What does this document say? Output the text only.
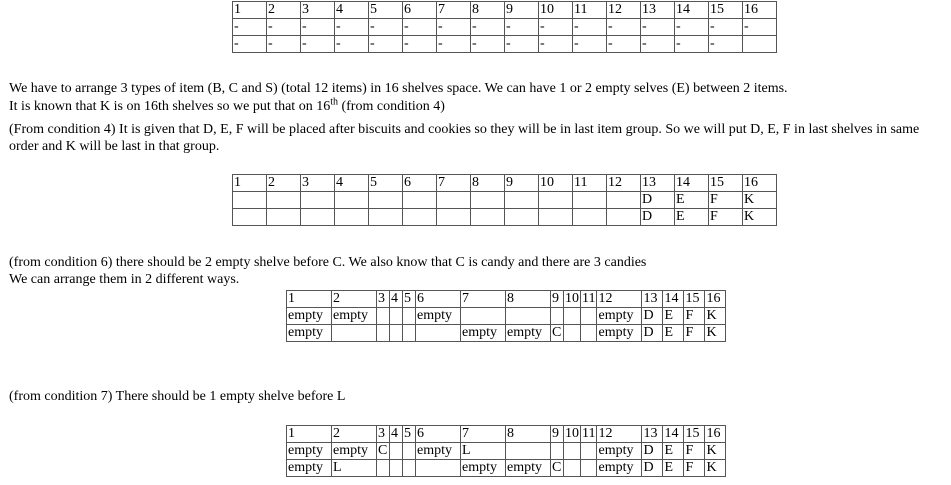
1	2	3	4	5	6	7	8	9	10	11	12	13	14	15	16
-	-	-	-	-	-	-	-	-	-	-	-	-	-	-	-
-	-	-	-	-	-	-	-	-	-	-	-	-	-	-	

We have to arrange 3 types of item (B, C and S) (total 12 items) in 16 shelves space. We can have 1 or 2 empty selves (E) between 2 items.

It is known that K is on 16th shelves so we put that on 16th (from condition 4)

(From condition 4) It is given that D, E, F will be placed after biscuits and cookies so they will be in last item group. So we will put D, E, F in last shelves in same order and K will be last in that group.

1	2	3	4	5	6	7	8	9	10	11	12	13	14	15	16
												D	E	F	K
												D	E	F	K

(from condition 6) there should be 2 empty shelve before C. We also know that C is candy and there are 3 candies

We can arrange them in 2 different ways.

1	2	3	4	5	6	7	8	9	10	11	12	13	14	15	16
empty	empty				empty						empty	D	E	F	K
empty						empty	empty	C			empty	D	E	F	K

(from condition 7) There should be 1 empty shelve before L

1	2	3	4	5	6	7	8	9	10	11	12	13	14	15	16
empty	empty	C			empty	L					empty	D	E	F	K
empty	L					empty	empty	C			empty	D	E	F	K
